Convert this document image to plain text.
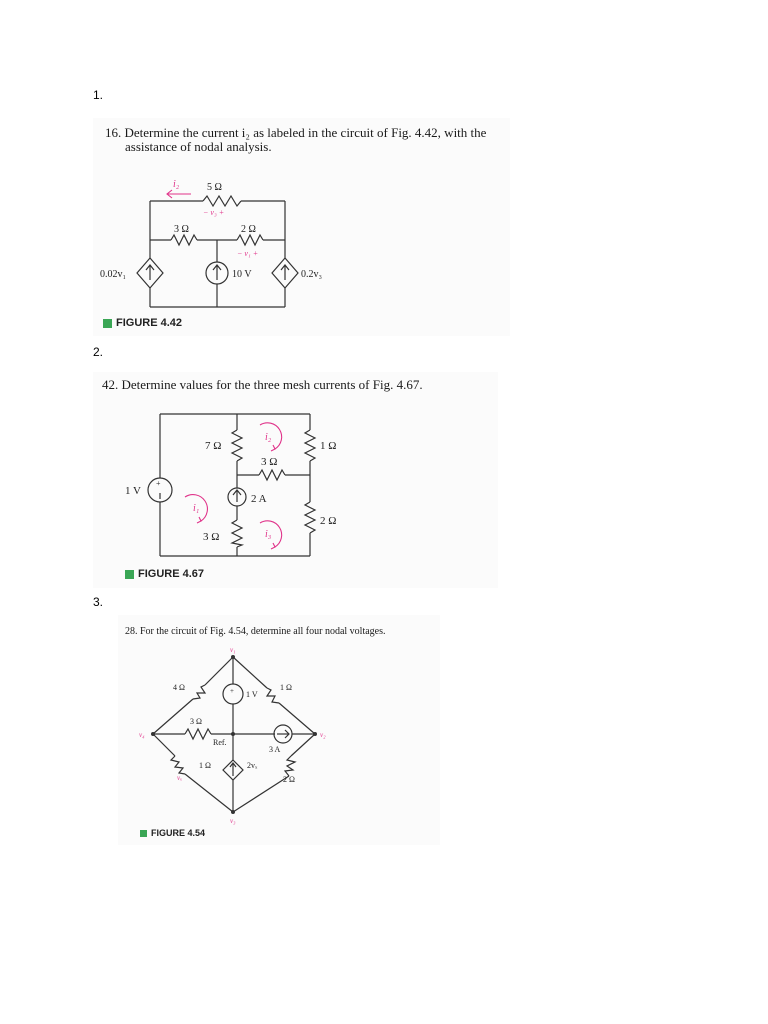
1.
16. Determine the current i₂ as labeled in the circuit of Fig. 4.42, with the
assistance of nodal analysis.
i₂	5 Ω
− v₃ +
3 Ω	2 Ω
− v₁ +
0.02v₁	10 V	0.2v₃
FIGURE 4.42
2.
42. Determine values for the three mesh currents of Fig. 4.67.
+
i₂
i₁
i₃
7 Ω	1 Ω
3 Ω
1 V
2 A
2 Ω
3 Ω
FIGURE 4.67
3.
28. For the circuit of Fig. 4.54, determine all four nodal voltages.
+
v₁
v₂
v₃
v₄
4 Ω	1 Ω
1 V
3 Ω
Ref.
3 A
1 Ω
vₓ
2vₓ
2 Ω
FIGURE 4.54
